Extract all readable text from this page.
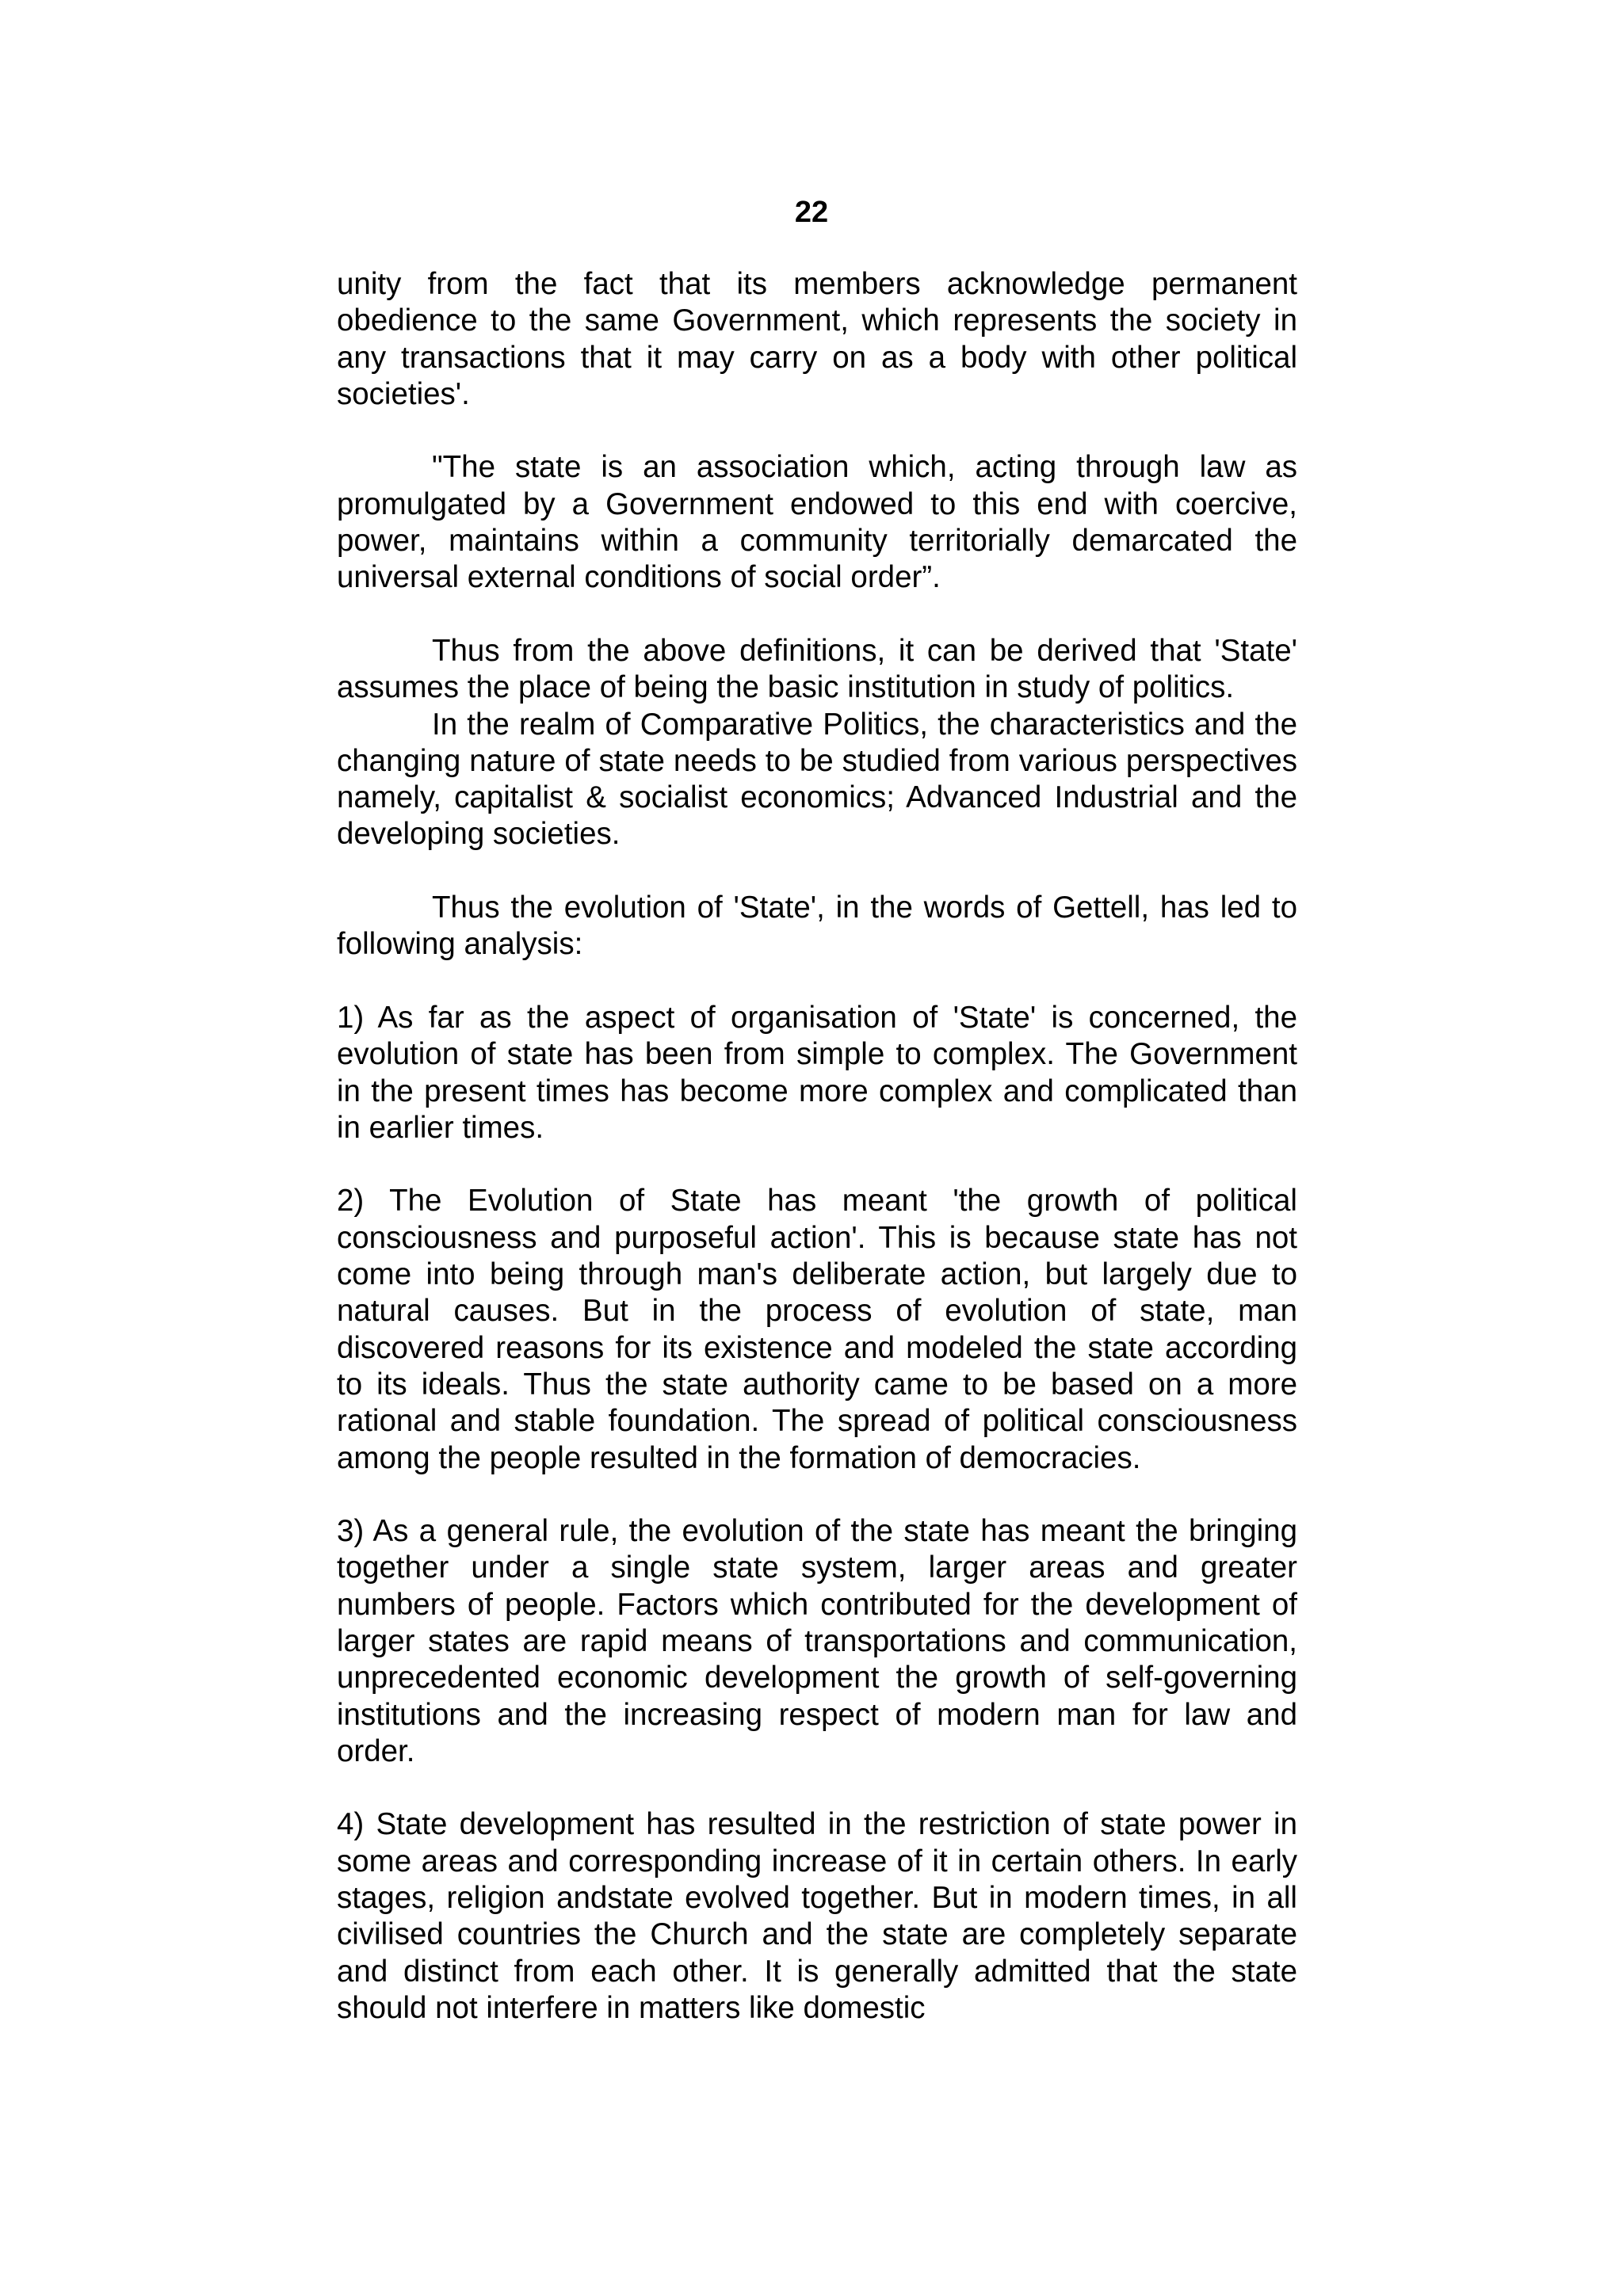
22

unity from the fact that its members acknowledge permanent obedience to the same Government, which represents the society in any transactions that it may carry on as a body with other political societies'.

"The state is an association which, acting through law as promulgated by a Government endowed to this end with coercive, power, maintains within a community territorially demarcated the universal external conditions of social order”.

Thus from the above definitions, it can be derived that 'State' assumes the place of being the basic institution in study of politics.

In the realm of Comparative Politics, the characteristics and the changing nature of state needs to be studied from various perspectives namely, capitalist & socialist economics; Advanced Industrial and the developing societies.

Thus the evolution of 'State', in the words of Gettell, has led to following analysis:

1) As far as the aspect of organisation of 'State' is concerned, the evolution of state has been from simple to complex. The Government in the present times has become more complex and complicated than in earlier times.

2) The Evolution of State has meant 'the growth of political consciousness and purposeful action'. This is because state has not come into being through man's deliberate action, but largely due to natural causes. But in the process of evolution of state, man discovered reasons for its existence and modeled the state according to its ideals. Thus the state authority came to be based on a more rational and stable foundation. The spread of political consciousness among the people resulted in the formation of democracies.

3) As a general rule, the evolution of the state has meant the bringing together under a single state system, larger areas and greater numbers of people. Factors which contributed for the development of larger states are rapid means of transportations and communication, unprecedented economic development the growth of self-governing institutions and the increasing respect of modern man for law and order.

4) State development has resulted in the restriction of state power in some areas and corresponding increase of it in certain others. In early stages, religion andstate evolved together. But in modern times, in all civilised countries the Church and the state are completely separate and distinct from each other. It is generally admitted that the state should not interfere in matters like domestic
